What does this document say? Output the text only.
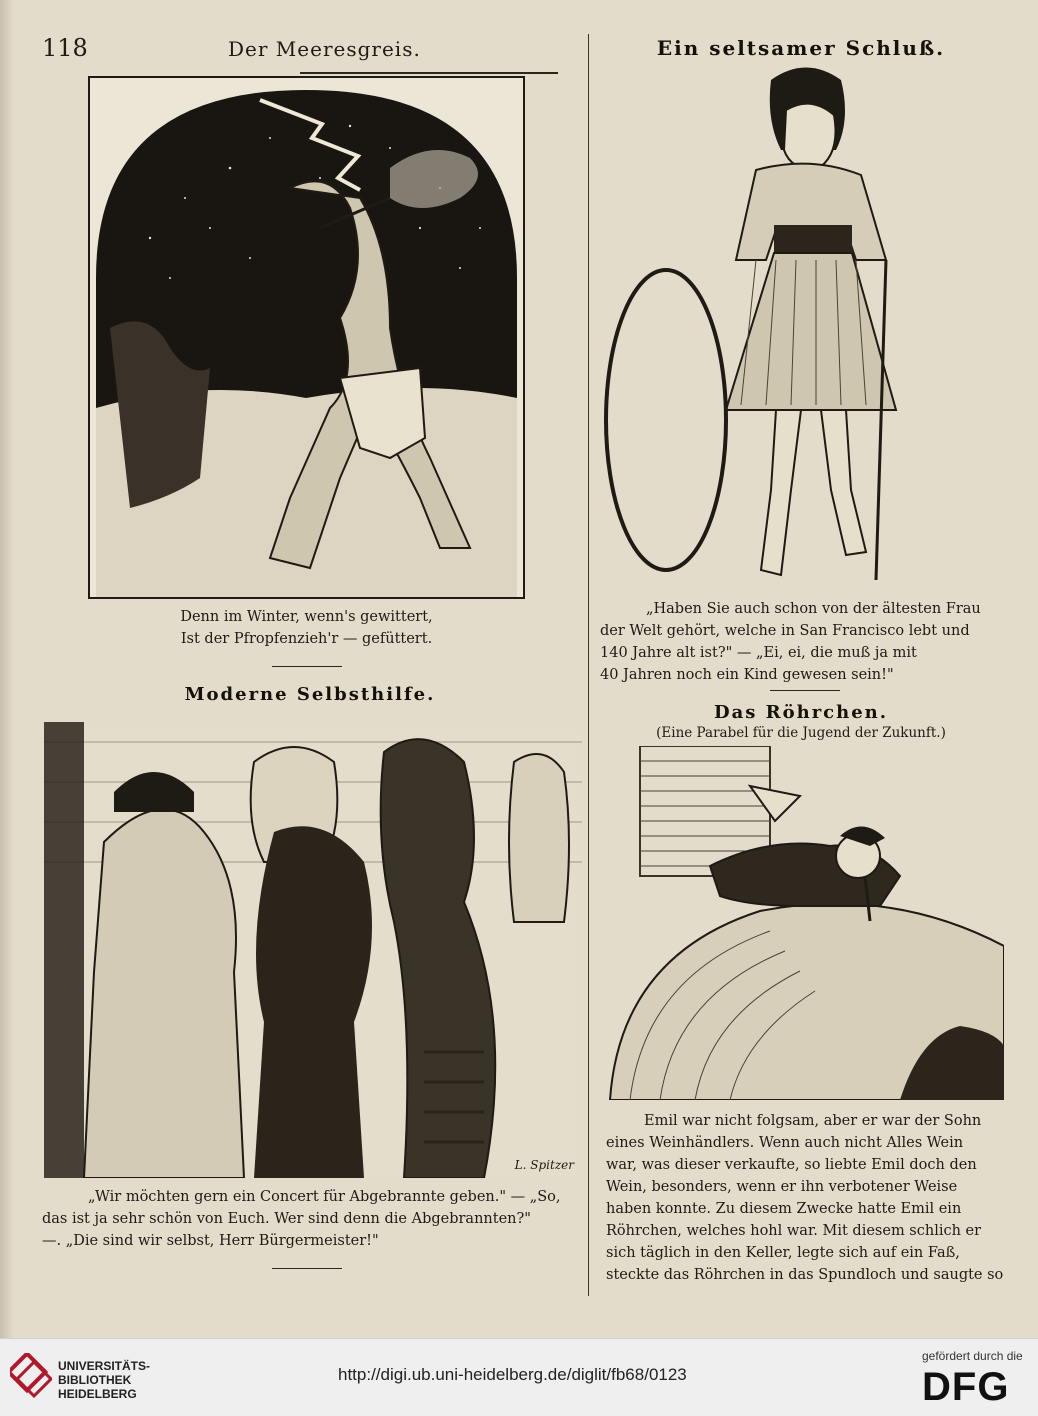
118	Der Meeresgreis.
Denn im Winter, wenn's gewittert,
Ist der Pfropfenzieh'r — gefüttert.
Moderne Selbsthilfe.
L. Spitzer
„Wir möchten gern ein Concert für Abgebrannte geben." — „So,
das ist ja sehr schön von Euch. Wer sind denn die Abgebrannten?"
—. „Die sind wir selbst, Herr Bürgermeister!"
Ein seltsamer Schluß.
„Haben Sie auch schon von der ältesten Frau
der Welt gehört, welche in San Francisco lebt und
140 Jahre alt ist?" — „Ei, ei, die muß ja mit
40 Jahren noch ein Kind gewesen sein!"
Das Röhrchen.
(Eine Parabel für die Jugend der Zukunft.)
Emil war nicht folgsam, aber er war der Sohn
eines Weinhändlers. Wenn auch nicht Alles Wein
war, was dieser verkaufte, so liebte Emil doch den
Wein, besonders, wenn er ihn verbotener Weise
haben konnte. Zu diesem Zwecke hatte Emil ein
Röhrchen, welches hohl war. Mit diesem schlich er
sich täglich in den Keller, legte sich auf ein Faß,
steckte das Röhrchen in das Spundloch und saugte so
UNIVERSITÄTS-
BIBLIOTHEK
HEIDELBERG
http://digi.ub.uni-heidelberg.de/diglit/fb68/0123
gefördert durch die
DFG
